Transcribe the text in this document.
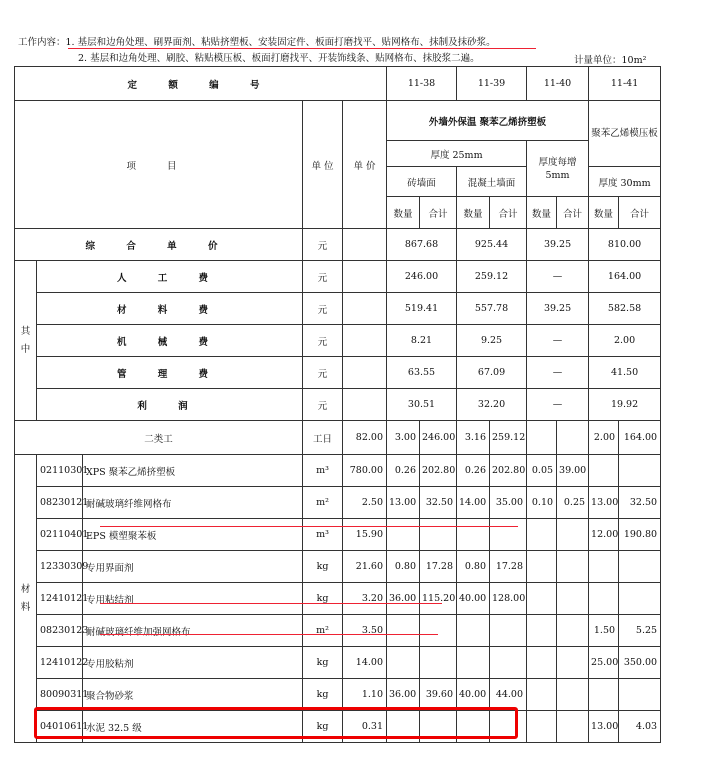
工作内容：1. 基层和边角处理、刷界面剂、粘贴挤塑板、安装固定件、板面打磨找平、贴网格布、抹制及抹砂浆。
2. 基层和边角处理、刷胶、粘贴模压板、板面打磨找平、开装饰线条、贴网格布、抹胶浆二遍。	计量单位：10m²
定 额 编 号					11-38		11-39		11-40		11-41	
项 目			单 位	单 价	外墙外保温 聚苯乙烯挤塑板						聚苯乙烯模压板	
					厚度 25mm				厚度每增 5mm			
					砖墙面		混凝土墙面				厚度 30mm	
					数量	合计	数量	合计	数量	合计	数量	合计
综 合 单 价			元		867.68		925.44		39.25		810.00	
其中	人 工 费		元		246.00		259.12		—		164.00	
	材 料 费		元		519.41		557.78		39.25		582.58	
	机 械 费		元		8.21		9.25		—		2.00	
	管 理 费		元		63.55		67.09		—		41.50	
	利 润		元		30.51		32.20		—		19.92	
二类工			工日	82.00	3.00	246.00	3.16	259.12			2.00	164.00
材料	02110301	XPS 聚苯乙烯挤塑板	m³	780.00	0.26	202.80	0.26	202.80	0.05	39.00		
	08230121	耐碱玻璃纤维网格布	m²	2.50	13.00	32.50	14.00	35.00	0.10	0.25	13.00	32.50
	02110401	EPS 模塑聚苯板	m³	15.90							12.00	190.80
	12330309	专用界面剂	kg	21.60	0.80	17.28	0.80	17.28				
	12410121	专用粘结剂	kg	3.20	36.00	115.20	40.00	128.00				
	08230123	耐碱玻璃纤维加强网格布	m²	3.50							1.50	5.25
	12410122	专用胶粘剂	kg	14.00							25.00	350.00
	80090311	聚合物砂浆	kg	1.10	36.00	39.60	40.00	44.00				
	04010611	水泥 32.5 级	kg	0.31							13.00	4.03
